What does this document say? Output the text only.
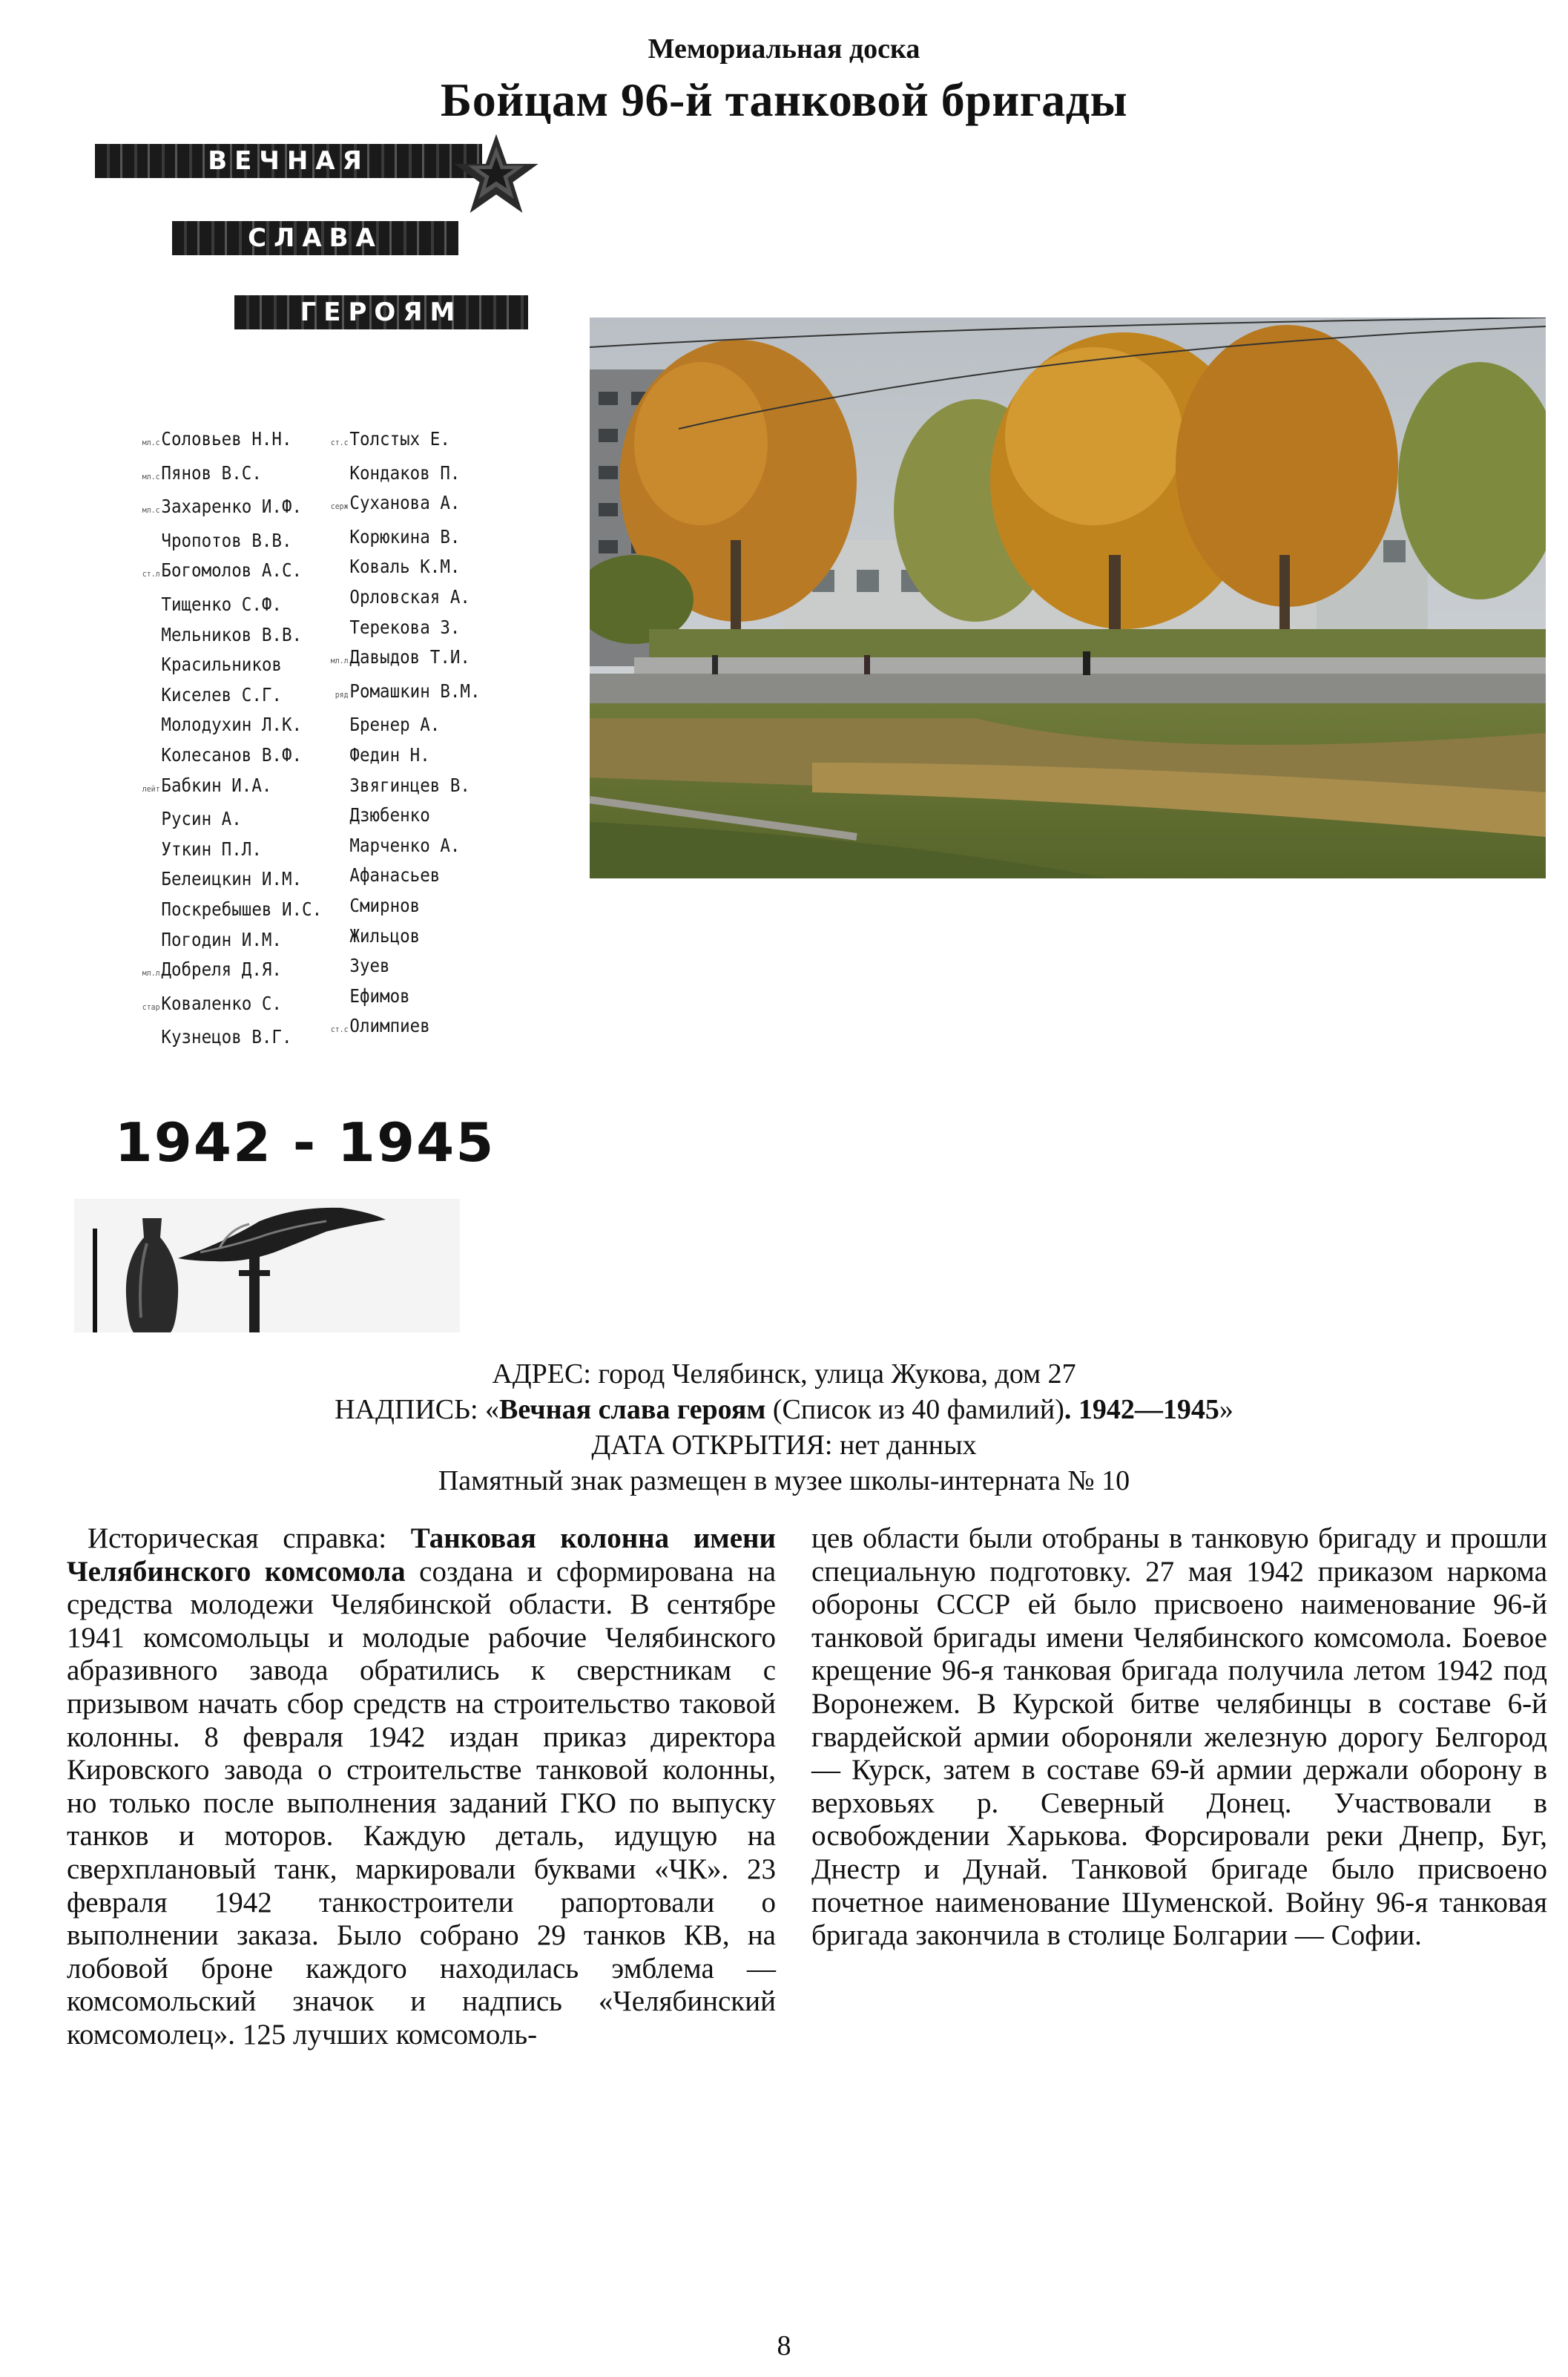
Мемориальная доска
Бойцам 96-й танковой бригады
ВЕЧНАЯ
СЛАВА
ГЕРОЯМ
мл.сСоловьев Н.Н.
мл.сПянов В.С.
мл.сЗахаренко И.Ф.
Чропотов В.В.
ст.лБогомолов А.С.
Тищенко С.Ф.
Мельников В.В.
Красильников
Киселев С.Г.
Молодухин Л.К.
Колесанов В.Ф.
лейтБабкин И.А.
Русин А.
Уткин П.Л.
Белеицкин И.М.
Поскребышев И.С.
Погодин И.М.
мл.лДобреля Д.Я.
старКоваленко С.
Кузнецов В.Г.
ст.сТолстых Е.
Кондаков П.
сержСуханова А.
Корюкина В.
Коваль К.М.
Орловская А.
Терекова З.
мл.лДавыдов Т.И.
рядРомашкин В.М.
Бренер А.
Федин Н.
Звягинцев В.
Дзюбенко
Марченко А.
Афанасьев
Смирнов
Жильцов
Зуев
Ефимов
ст.сОлимпиев
1942 - 1945
АДРЕС: город Челябинск, улица Жукова, дом 27
НАДПИСЬ: «Вечная слава героям (Список из 40 фамилий). 1942—1945»
ДАТА ОТКРЫТИЯ: нет данных
Памятный знак размещен в музее школы-интерната № 10
Историческая справка: Танковая колонна имени Челябинского комсомола создана и сформирована на средства молодежи Челябинской области. В сентябре 1941 комсомольцы и молодые рабочие Челябинского абразивного завода обратились к сверстникам с призывом начать сбор средств на строительство таковой колонны. 8 февраля 1942 издан приказ директора Кировского завода о строительстве танковой колонны, но только после выполнения заданий ГКО по выпуску танков и моторов. Каждую деталь, идущую на сверхплановый танк, маркировали буквами «ЧК». 23 февраля 1942 танкостроители рапортовали о выполнении заказа. Было собрано 29 танков КВ, на лобовой броне каждого находилась эмблема — комсомольский значок и надпись «Челябинский комсомолец». 125 лучших комсомоль-
цев области были отобраны в танковую бригаду и прошли специальную подготовку. 27 мая 1942 приказом наркома обороны СССР ей было присвоено наименование 96-й танковой бригады имени Челябинского комсомола. Боевое крещение 96-я танковая бригада получила летом 1942 под Воронежем. В Курской битве челябинцы в составе 6-й гвардейской армии обороняли железную дорогу Белгород — Курск, затем в составе 69-й армии держали оборону в верховьях р. Северный Донец. Участвовали в освобождении Харькова. Форсировали реки Днепр, Буг, Днестр и Дунай. Танковой бригаде было присвоено почетное наименование Шуменской. Войну 96-я танковая бригада закончила в столице Болгарии — Софии.
8
